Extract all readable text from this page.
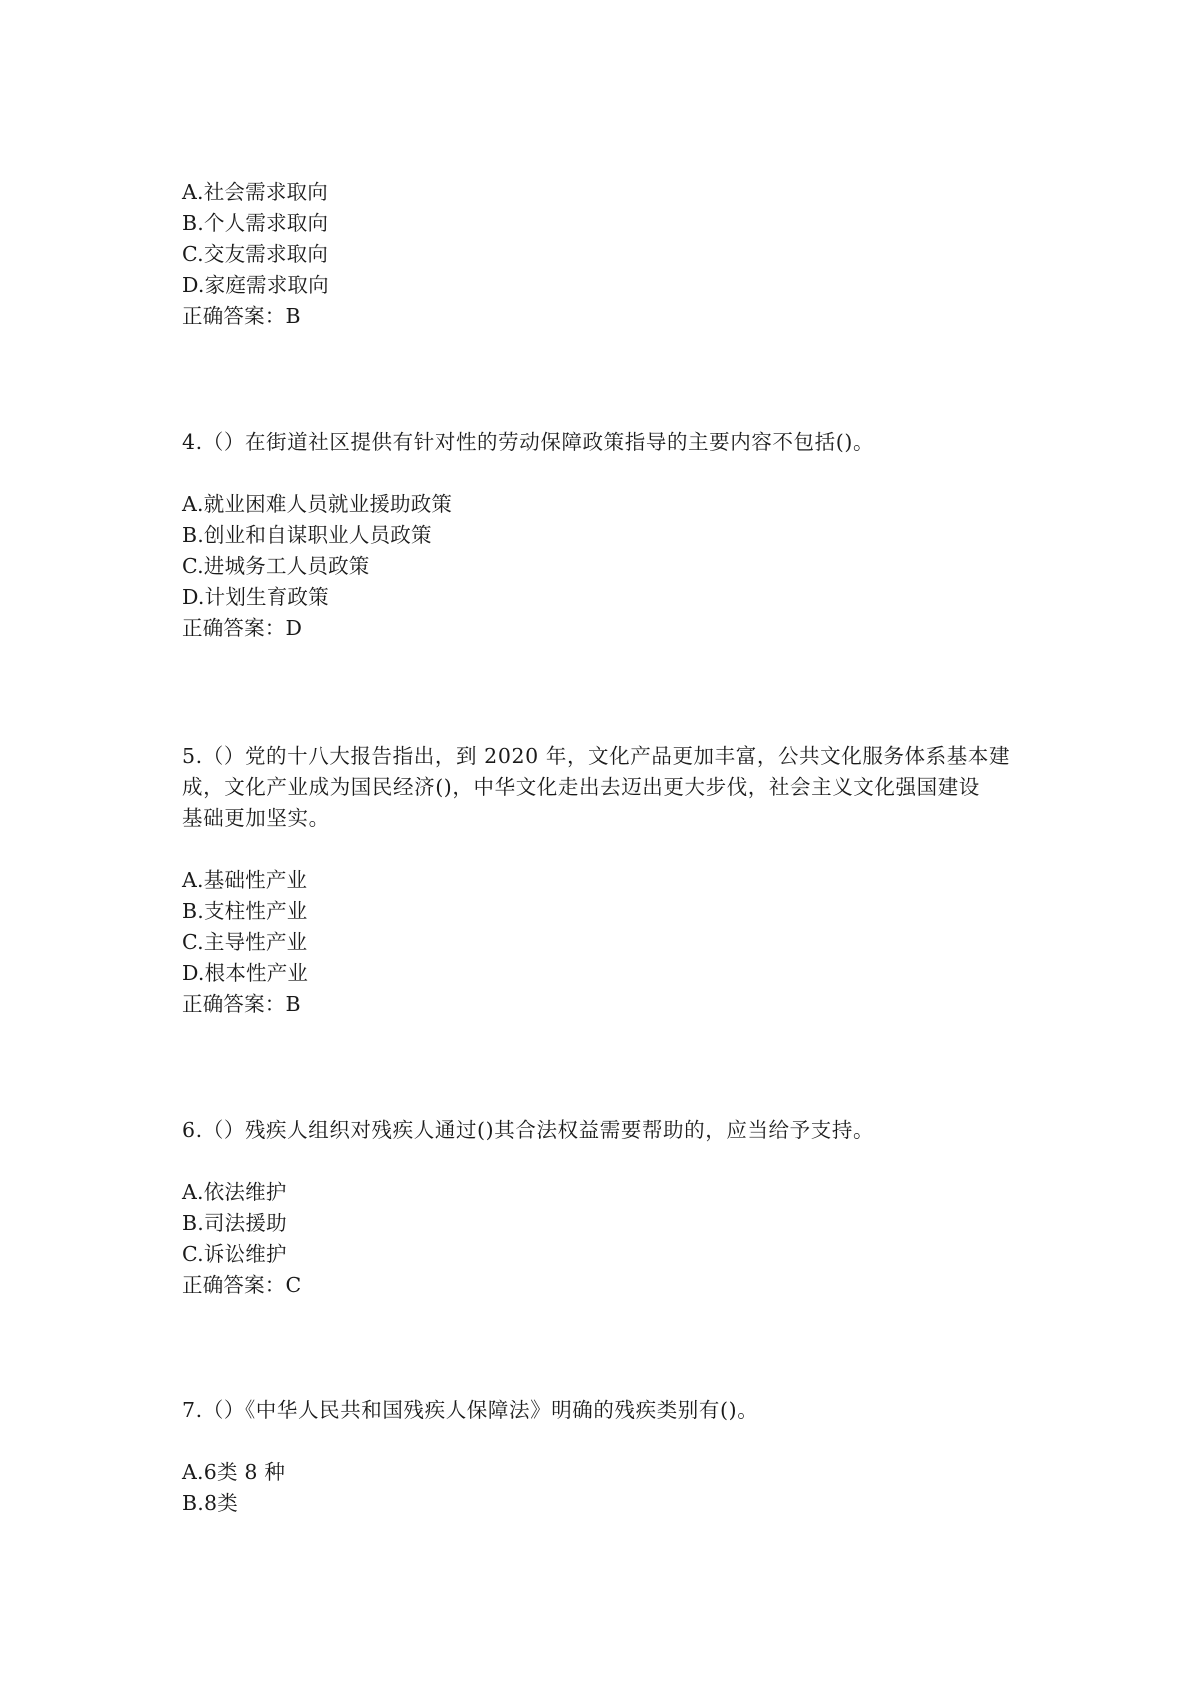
A.社会需求取向
B.个人需求取向
C.交友需求取向
D.家庭需求取向
正确答案：B
4.（）在街道社区提供有针对性的劳动保障政策指导的主要内容不包括()。
A.就业困难人员就业援助政策
B.创业和自谋职业人员政策
C.进城务工人员政策
D.计划生育政策
正确答案：D
5.（）党的十八大报告指出，到 2020 年，文化产品更加丰富，公共文化服务体系基本建
成，文化产业成为国民经济()，中华文化走出去迈出更大步伐，社会主义文化强国建设
基础更加坚实。
A.基础性产业
B.支柱性产业
C.主导性产业
D.根本性产业
正确答案：B
6.（）残疾人组织对残疾人通过()其合法权益需要帮助的，应当给予支持。
A.依法维护
B.司法援助
C.诉讼维护
正确答案：C
7.（）《中华人民共和国残疾人保障法》明确的残疾类别有()。
A.6类 8 种
B.8类
